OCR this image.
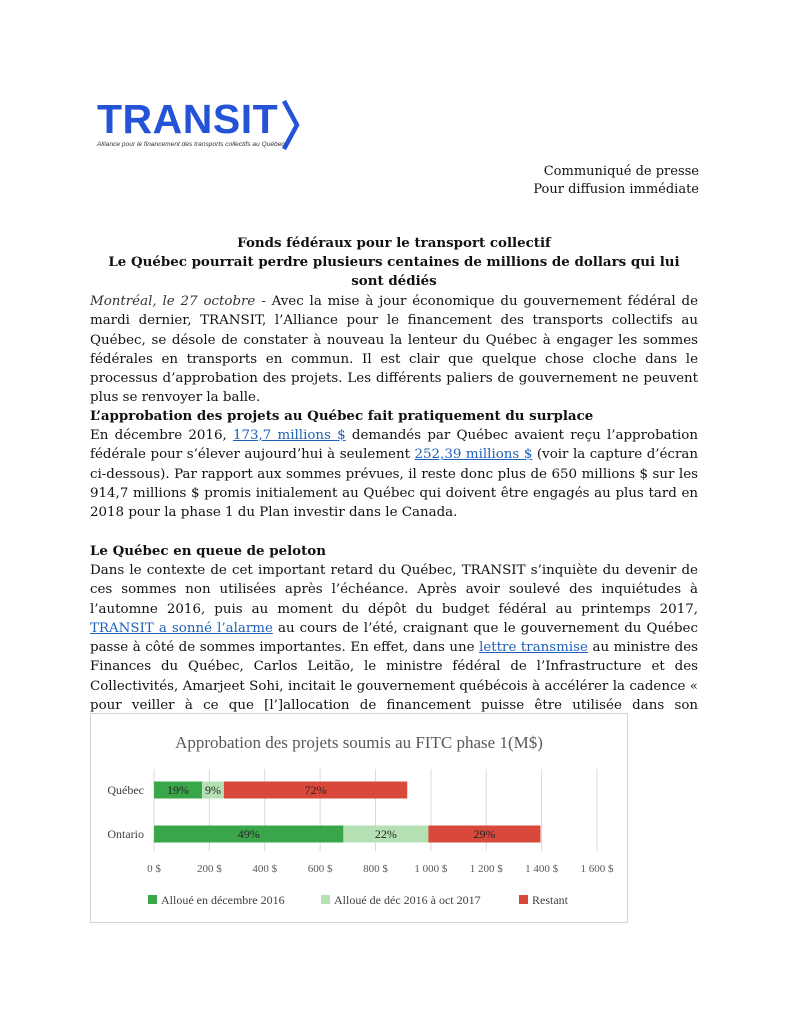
TRANSIT
Alliance pour le financement des transports collectifs au Québec
Communiqué de presse
Pour diffusion immédiate
Fonds fédéraux pour le transport collectif
Le Québec pourrait perdre plusieurs centaines de millions de dollars qui lui sont dédiés

Montréal, le 27 octobre - Avec la mise à jour économique du gouvernement fédéral de mardi dernier, TRANSIT, l’Alliance pour le financement des transports collectifs au Québec, se désole de constater à nouveau la lenteur du Québec à engager les sommes fédérales en transports en commun. Il est clair que quelque chose cloche dans le processus d’approbation des projets. Les différents paliers de gouvernement ne peuvent plus se renvoyer la balle.

L’approbation des projets au Québec fait pratiquement du surplace

En décembre 2016, 173,7 millions $ demandés par Québec avaient reçu l’approbation fédérale pour s’élever aujourd’hui à seulement 252,39 millions $ (voir la capture d’écran ci-dessous). Par rapport aux sommes prévues, il reste donc plus de 650 millions $ sur les 914,7 millions $ promis initialement au Québec qui doivent être engagés au plus tard en 2018 pour la phase 1 du Plan investir dans le Canada.

Le Québec en queue de peloton

Dans le contexte de cet important retard du Québec, TRANSIT s’inquiète du devenir de ces sommes non utilisées après l’échéance. Après avoir soulevé des inquiétudes à l’automne 2016, puis au moment du dépôt du budget fédéral au printemps 2017, TRANSIT a sonné l’alarme au cours de l’été, craignant que le gouvernement du Québec passe à côté de sommes importantes. En effet, dans une lettre transmise au ministre des Finances du Québec, Carlos Leitão, le ministre fédéral de l’Infrastructure et des Collectivités, Amarjeet Sohi, incitait le gouvernement québécois à accélérer la cadence « pour veiller à ce que [l’]allocation de financement puisse être utilisée dans son

Approbation des projets soumis au FITC phase 1(M$)
0 $	200 $	400 $	600 $	800 $ 1 000 $ 1 200 $ 1 400 $ 1 600 $
Québec 19% 9%	72%
Ontario	49%	22%	29%
Alloué en décembre 2016	Alloué de déc 2016 à oct 2017	Restant
